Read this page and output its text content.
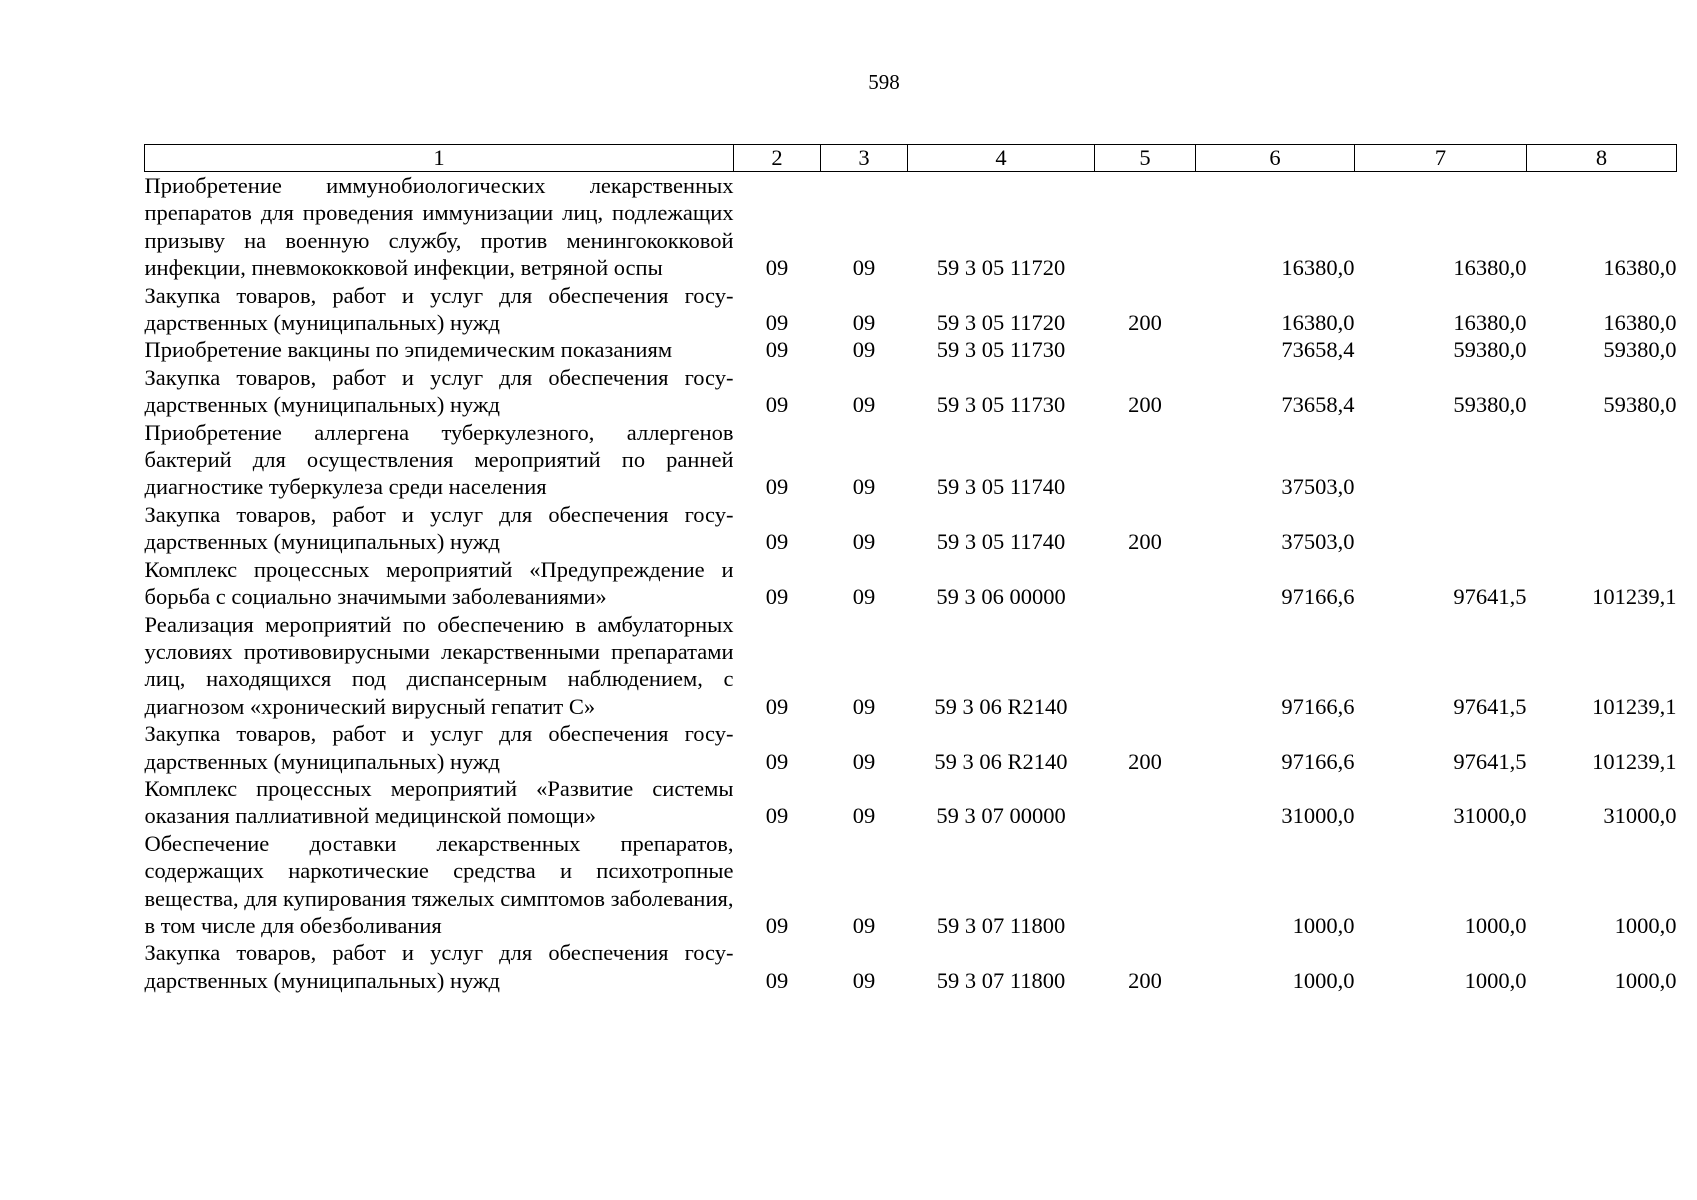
598
1	2	3	4	5	6	7	8
Приобретение иммунобиологических лекарственных препаратов для проведения иммунизации лиц, подлежащих призыву на военную службу, против менингококковой инфекции, пневмококковой инфекции, ветряной оспы	09	09	59 3 05 11720		16380,0	16380,0	16380,0
Закупка товаров, работ и услуг для обеспечения государственных (муниципальных) нужд	09	09	59 3 05 11720	200	16380,0	16380,0	16380,0
Приобретение вакцины по эпидемическим показаниям	09	09	59 3 05 11730		73658,4	59380,0	59380,0
Закупка товаров, работ и услуг для обеспечения государственных (муниципальных) нужд	09	09	59 3 05 11730	200	73658,4	59380,0	59380,0
Приобретение аллергена туберкулезного, аллергенов бактерий для осуществления мероприятий по ранней диагностике туберкулеза среди населения	09	09	59 3 05 11740		37503,0		
Закупка товаров, работ и услуг для обеспечения государственных (муниципальных) нужд	09	09	59 3 05 11740	200	37503,0		
Комплекс процессных мероприятий «Предупреждение и борьба с социально значимыми заболеваниями»	09	09	59 3 06 00000		97166,6	97641,5	101239,1
Реализация мероприятий по обеспечению в амбулаторных условиях противовирусными лекарственными препаратами лиц, находящихся под диспансерным наблюдением, с диагнозом «хронический вирусный гепатит С»	09	09	59 3 06 R2140		97166,6	97641,5	101239,1
Закупка товаров, работ и услуг для обеспечения государственных (муниципальных) нужд	09	09	59 3 06 R2140	200	97166,6	97641,5	101239,1
Комплекс процессных мероприятий «Развитие системы оказания паллиативной медицинской помощи»	09	09	59 3 07 00000		31000,0	31000,0	31000,0
Обеспечение доставки лекарственных препаратов, содержащих наркотические средства и психотропные вещества, для купирования тяжелых симптомов заболевания, в том числе для обезболивания	09	09	59 3 07 11800		1000,0	1000,0	1000,0
Закупка товаров, работ и услуг для обеспечения государственных (муниципальных) нужд	09	09	59 3 07 11800	200	1000,0	1000,0	1000,0
